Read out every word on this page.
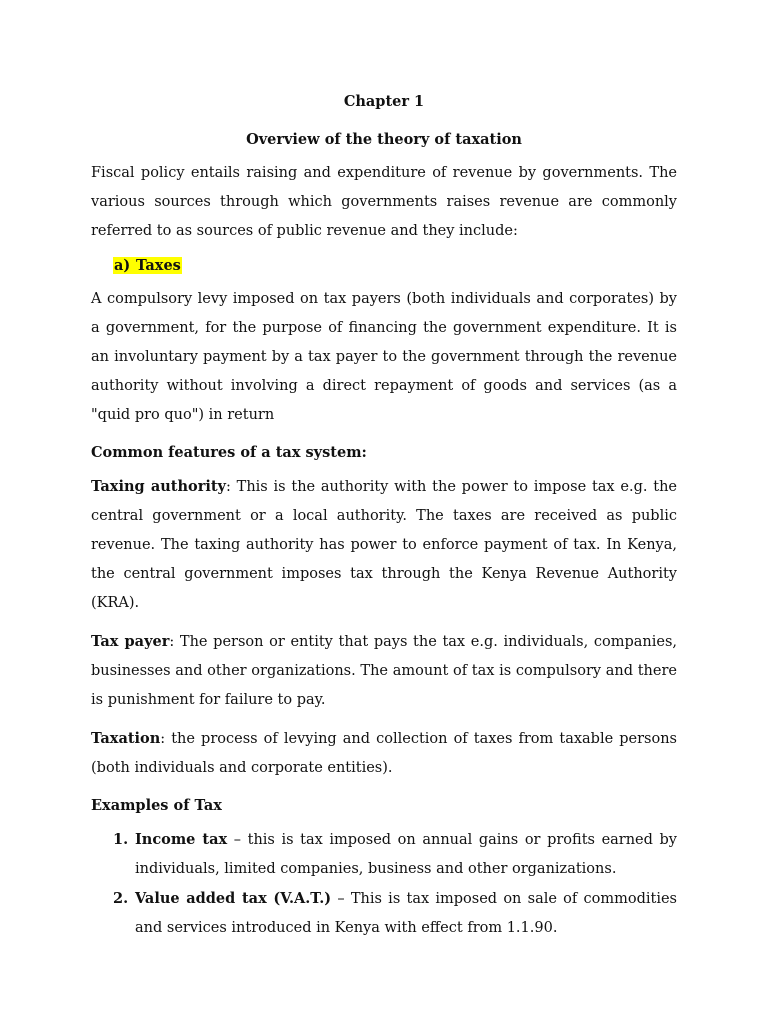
Chapter 1
Overview of the theory of taxation

Fiscal policy entails raising and expenditure of revenue by governments. The various sources through which governments raises revenue are commonly referred to as sources of public revenue and they include:

a) Taxes

A compulsory levy imposed on tax payers (both individuals and corporates) by a government, for the purpose of financing the government expenditure. It is an involuntary payment by a tax payer to the government through the revenue authority without involving a direct repayment of goods and services (as a "quid pro quo") in return

Common features of a tax system:

Taxing authority: This is the authority with the power to impose tax e.g. the central government or a local authority. The taxes are received as public revenue. The taxing authority has power to enforce payment of tax. In Kenya, the central government imposes tax through the Kenya Revenue Authority (KRA).

Tax payer: The person or entity that pays the tax e.g. individuals, companies, businesses and other organizations. The amount of tax is compulsory and there is punishment for failure to pay.

Taxation: the process of levying and collection of taxes from taxable persons (both individuals and corporate entities).

Examples of Tax
1. Income tax – this is tax imposed on annual gains or profits earned by individuals, limited companies, business and other organizations.
2. Value added tax (V.A.T.) – This is tax imposed on sale of commodities and services introduced in Kenya with effect from 1.1.90.
